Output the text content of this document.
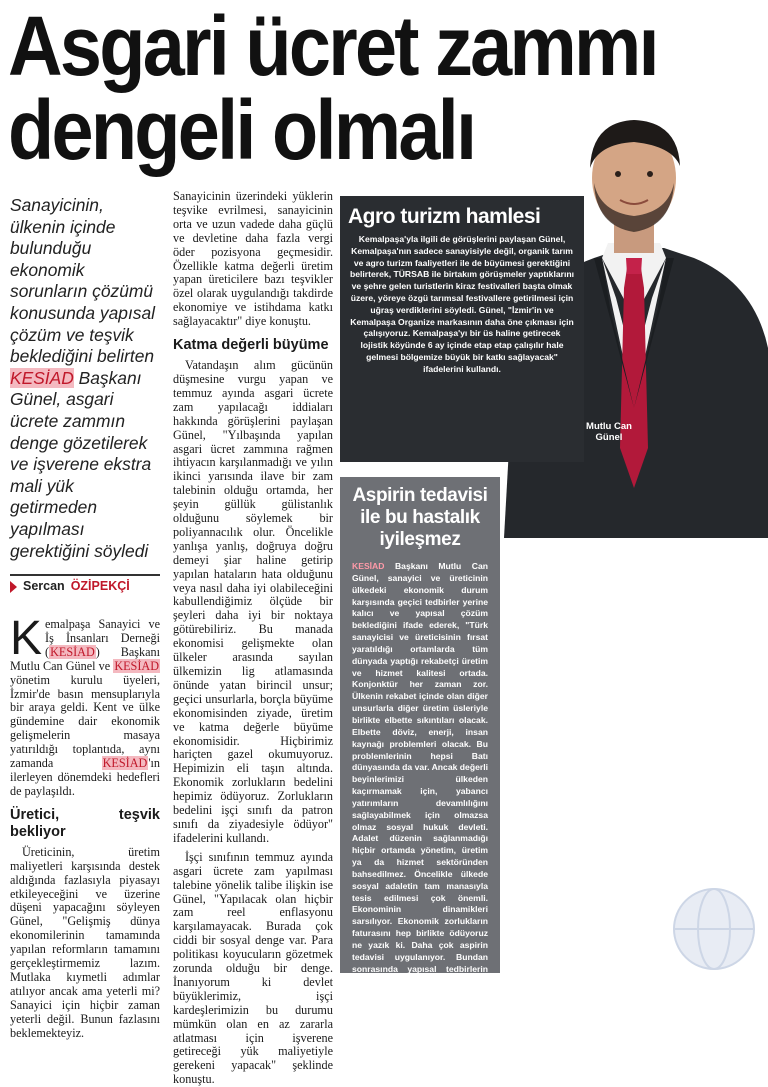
Asgari ücret zammı
dengeli olmalı
Sanayicinin, ülkenin içinde bulunduğu ekonomik sorunların çözümü konusunda yapısal çözüm ve teşvik beklediğini belirten KESİAD Başkanı Günel, asgari ücrete zammın denge gözetilerek ve işverene ekstra mali yük getirmeden yapılması gerektiğini söyledi
Sercan ÖZİPEKÇİ

Kemalpaşa Sanayici ve İş İnsanları Derneği (KESİAD) Başkanı Mutlu Can Günel ve KESİAD yönetim kurulu üyeleri, İzmir'de basın mensuplarıyla bir araya geldi. Kent ve ülke gündemine dair ekonomik gelişmelerin masaya yatırıldığı toplantıda, aynı zamanda KESİAD'ın ilerleyen dönemdeki hedefleri de paylaşıldı.

Üretici, teşvik bekliyor

Üreticinin, üretim maliyetleri karşısında destek aldığında fazlasıyla piyasayı etkileyeceğini ve üzerine düşeni yapacağını söyleyen Günel, "Gelişmiş dünya ekonomilerinin tamamında yapılan reformların tamamını gerçekleştirmemiz lazım. Mutlaka kıymetli adımlar atılıyor ancak ama yeterli mi? Sanayici için hiçbir zaman yeterli değil. Bunun fazlasını beklemekteyiz.

Sanayicinin üzerindeki yüklerin teşvike evrilmesi, sanayicinin orta ve uzun vadede daha güçlü ve devletine daha fazla vergi öder pozisyona geçmesidir. Özellikle katma değerli üretim yapan üreticilere bazı teşvikler özel olarak uygulandığı takdirde ekonomiye ve istihdama katkı sağlayacaktır" diye konuştu.

Katma değerli büyüme

Vatandaşın alım gücünün düşmesine vurgu yapan ve temmuz ayında asgari ücrete zam yapılacağı iddiaları hakkında görüşlerini paylaşan Günel, "Yılbaşında yapılan asgari ücret zammına rağmen ihtiyacın karşılanmadığı ve yılın ikinci yarısında ilave bir zam talebinin olduğu ortamda, her şeyin güllük gülistanlık olduğunu söylemek bir poliyannacılık olur. Öncelikle yanlışa yanlış, doğruya doğru demeyi şiar haline getirip yapılan hataların hata olduğunu veya nasıl daha iyi olabileceğini kabullendiğimiz ölçüde bir şeyleri daha iyi bir noktaya götürebiliriz. Bu manada ekonomisi gelişmekte olan ülkeler arasında sayılan ülkemizin lig atlamasında önünde yatan birincil unsur; geçici unsurlarla, borçla büyüme ekonomisinden ziyade, üretim ve katma değerle büyüme ekonomisidir. Hiçbirimiz hariçten gazel okumuyoruz. Hepimizin eli taşın altında. Ekonomik zorlukların bedelini hepimiz ödüyoruz. Zorlukların bedelini işçi sınıfı da patron sınıfı da ziyadesiyle ödüyor" ifadelerini kullandı.

İşçi sınıfının temmuz ayında asgari ücrete zam yapılması talebine yönelik talibe ilişkin ise Günel, "Yapılacak olan hiçbir zam reel enflasyonu karşılamayacak. Burada çok ciddi bir sosyal denge var. Para politikası koyucuların gözetmek zorunda olduğu bir denge. İnanıyorum ki devlet büyüklerimiz, işçi kardeşlerimizin bu durumu mümkün olan en az zararla atlatması için işverene getireceği yük maliyetiyle gerekeni yapacak" şeklinde konuştu.

Mutlu Can
Günel
Agro turizm hamlesi
Kemalpaşa'yla ilgili de görüşlerini paylaşan Günel, Kemalpaşa'nın sadece sanayisiyle değil, organik tarım ve agro turizm faaliyetleri ile de büyümesi gerektiğini belirterek, TÜRSAB ile birtakım görüşmeler yaptıklarını ve şehre gelen turistlerin kiraz festivalleri başta olmak üzere, yöreye özgü tarımsal festivallere getirilmesi için uğraş verdiklerini söyledi. Günel, "İzmir'in ve Kemalpaşa Organize markasının daha öne çıkması için çalışıyoruz. Kemalpaşa'yı bir üs haline getirecek lojistik köyünde 6 ay içinde etap etap çalışılır hale gelmesi bölgemize büyük bir katkı sağlayacak" ifadelerini kullandı.
Aspirin tedavisi ile bu hastalık iyileşmez
KESİAD Başkanı Mutlu Can Günel, sanayici ve üreticinin ülkedeki ekonomik durum karşısında geçici tedbirler yerine kalıcı ve yapısal çözüm beklediğini ifade ederek, "Türk sanayicisi ve üreticisinin fırsat yaratıldığı ortamlarda tüm dünyada yaptığı rekabetçi üretim ve hizmet kalitesi ortada. Konjonktür her zaman zor. Ülkenin rekabet içinde olan diğer unsurlarla diğer üretim üsleriyle birlikte elbette sıkıntıları olacak. Elbette döviz, enerji, insan kaynağı problemleri olacak. Bu problemlerinin hepsi Batı dünyasında da var. Ancak değerli beyinlerimizi ülkeden kaçırmamak için, yabancı yatırımların devamlılığını sağlayabilmek için olmazsa olmaz sosyal hukuk devleti. Adalet düzenin sağlanmadığı hiçbir ortamda yönetim, üretim ya da hizmet sektöründen bahsedilmez. Öncelikle ülkede sosyal adaletin tam manasıyla tesis edilmesi çok önemli. Ekonominin dinamikleri sarsılıyor. Ekonomik zorlukların faturasını hep birlikte ödüyoruz ne yazık ki. Daha çok aspirin tedavisi uygulanıyor. Bundan sonrasında yapısal tedbirlerin alınması gerekiyor. Hastalığın iyileştirilmesi gerekiyor" dedi.
